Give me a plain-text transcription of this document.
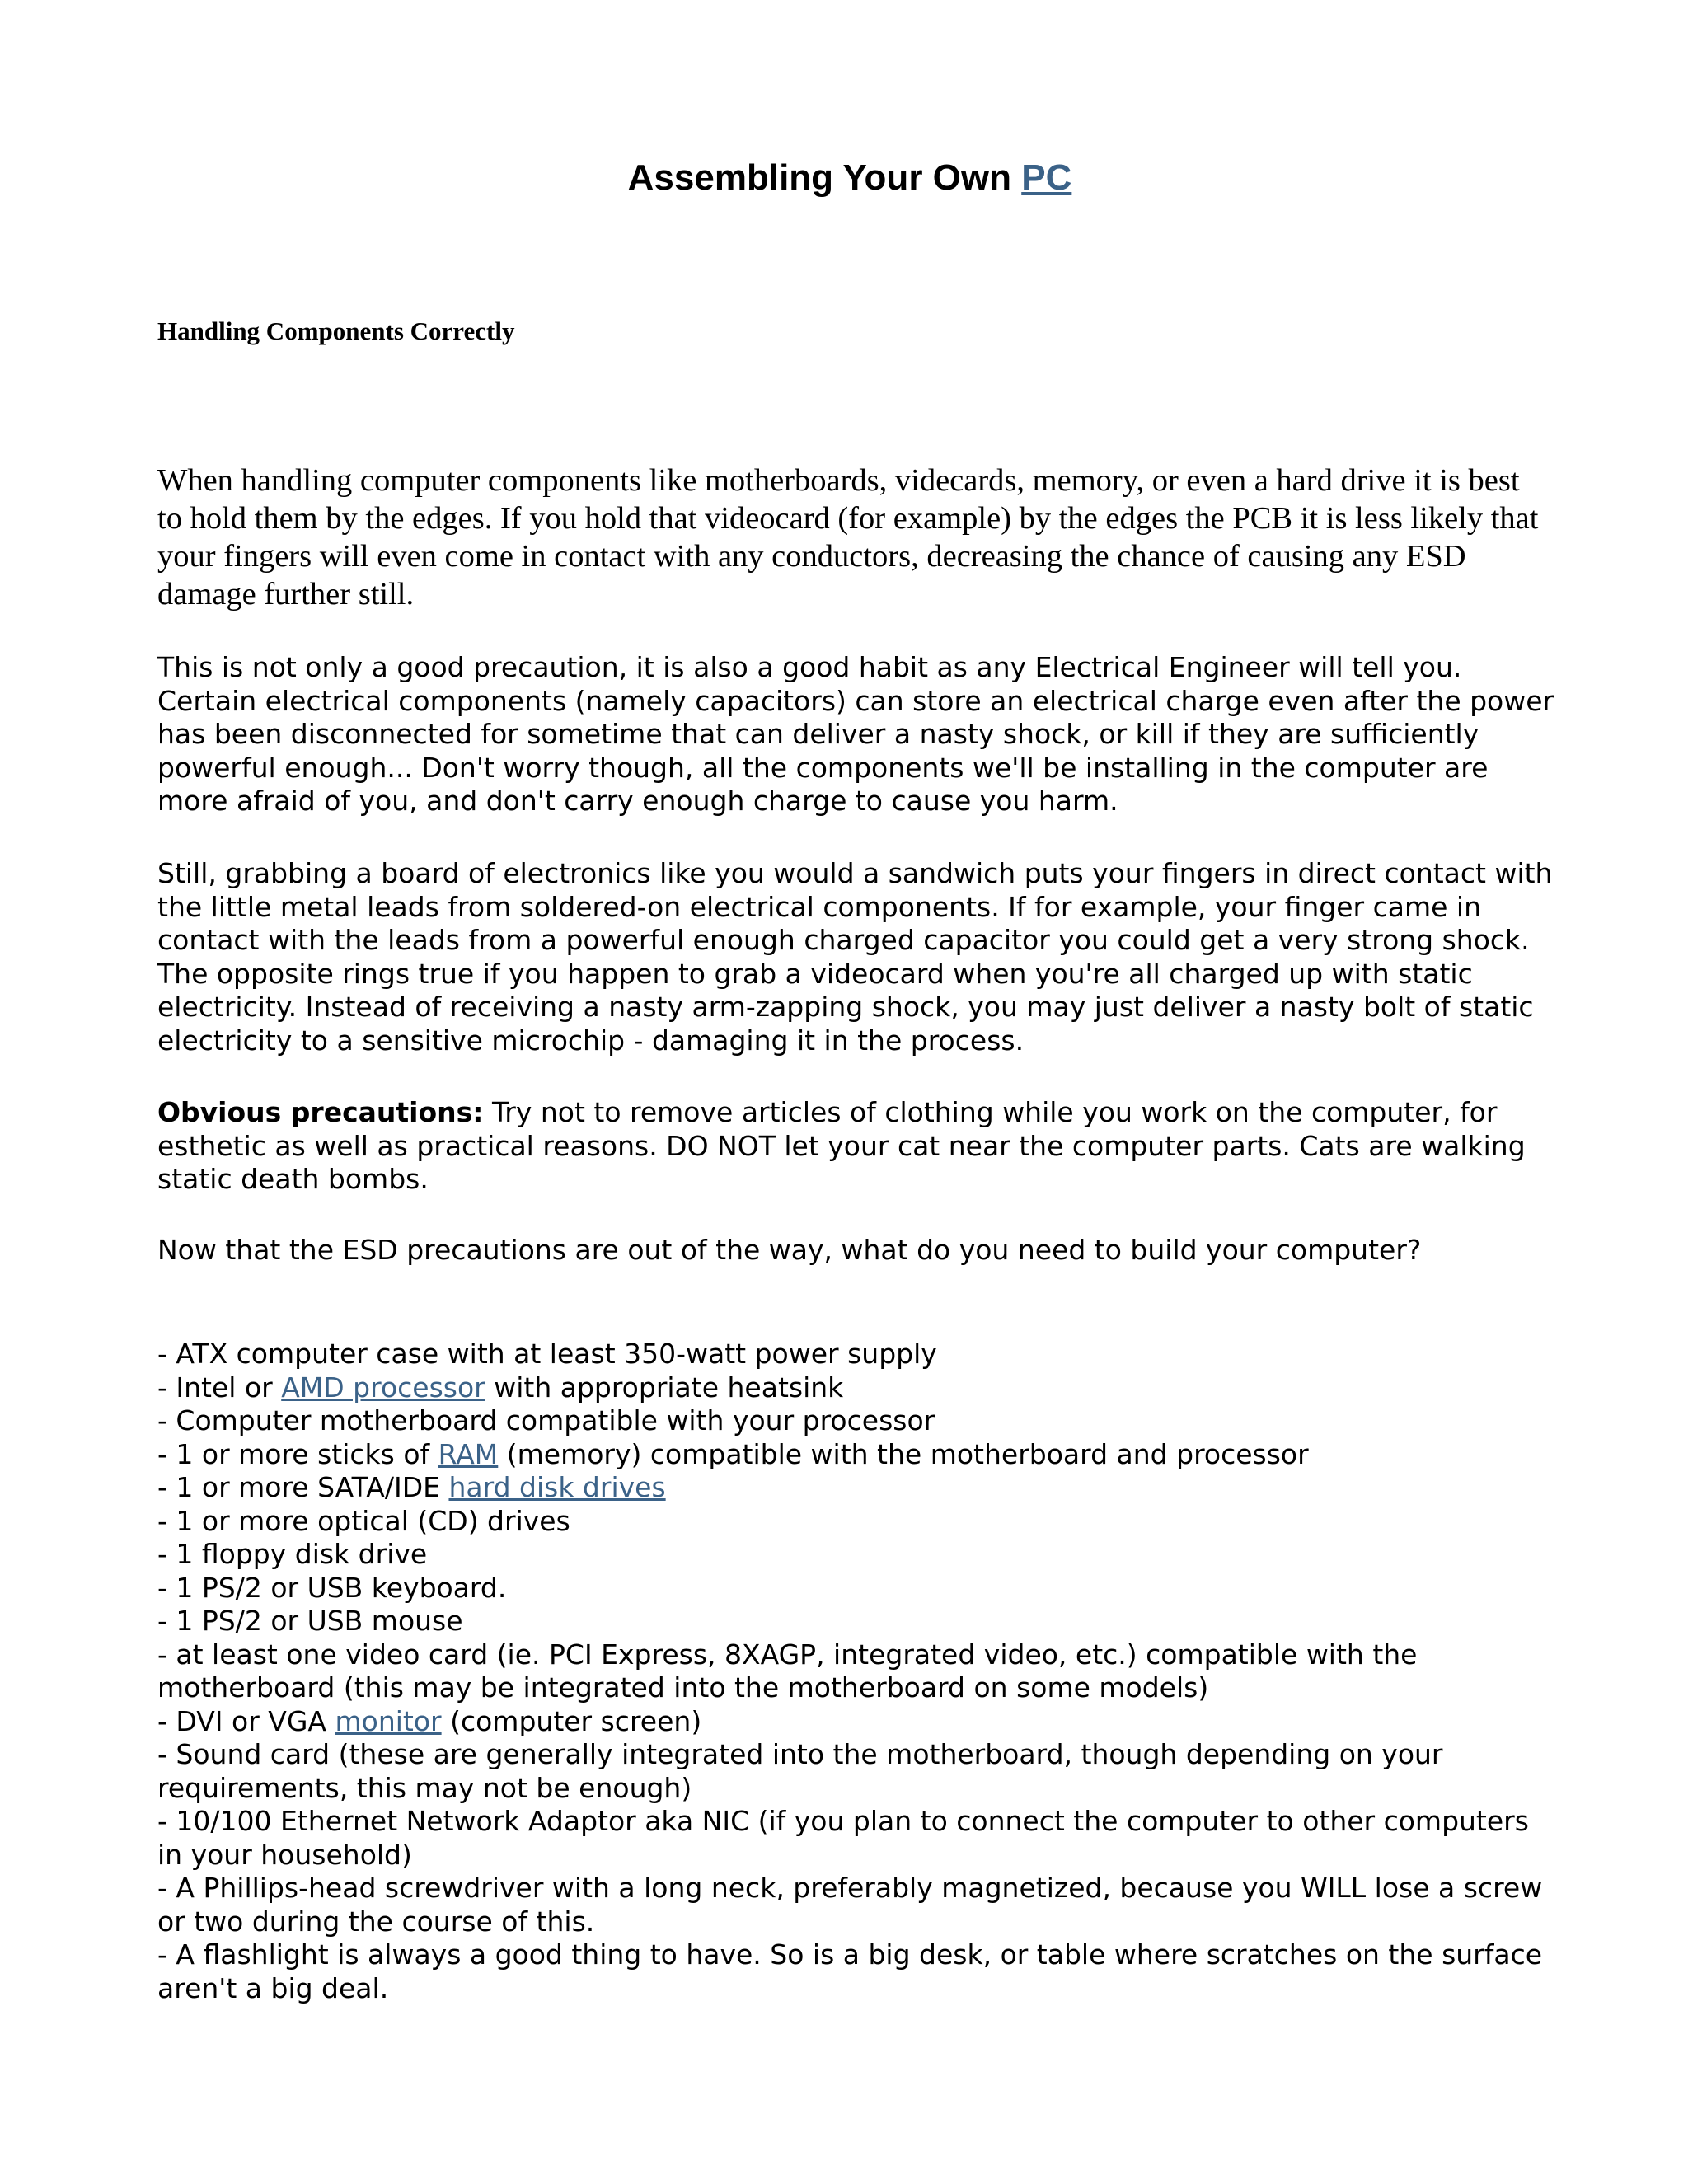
Assembling Your Own PC
Handling Components Correctly

When handling computer components like motherboards, videcards, memory, or even a hard drive it is best to hold them by the edges. If you hold that videocard (for example) by the edges the PCB it is less likely that your fingers will even come in contact with any conductors, decreasing the chance of causing any ESD damage further still.

This is not only a good precaution, it is also a good habit as any Electrical Engineer will tell you. Certain electrical components (namely capacitors) can store an electrical charge even after the power has been disconnected for sometime that can deliver a nasty shock, or kill if they are sufficiently powerful enough... Don't worry though, all the components we'll be installing in the computer are more afraid of you, and don't carry enough charge to cause you harm.

Still, grabbing a board of electronics like you would a sandwich puts your fingers in direct contact with the little metal leads from soldered-on electrical components. If for example, your finger came in contact with the leads from a powerful enough charged capacitor you could get a very strong shock. The opposite rings true if you happen to grab a videocard when you're all charged up with static electricity. Instead of receiving a nasty arm-zapping shock, you may just deliver a nasty bolt of static electricity to a sensitive microchip - damaging it in the process.

Obvious precautions: Try not to remove articles of clothing while you work on the computer, for esthetic as well as practical reasons. DO NOT let your cat near the computer parts. Cats are walking static death bombs.

Now that the ESD precautions are out of the way, what do you need to build your computer?

- ATX computer case with at least 350-watt power supply
- Intel or AMD processor with appropriate heatsink
- Computer motherboard compatible with your processor
- 1 or more sticks of RAM (memory) compatible with the motherboard and processor
- 1 or more SATA/IDE hard disk drives
- 1 or more optical (CD) drives
- 1 floppy disk drive
- 1 PS/2 or USB keyboard.
- 1 PS/2 or USB mouse
- at least one video card (ie. PCI Express, 8XAGP, integrated video, etc.) compatible with the motherboard (this may be integrated into the motherboard on some models)
- DVI or VGA monitor (computer screen)
- Sound card (these are generally integrated into the motherboard, though depending on your requirements, this may not be enough)
- 10/100 Ethernet Network Adaptor aka NIC (if you plan to connect the computer to other computers in your household)
- A Phillips-head screwdriver with a long neck, preferably magnetized, because you WILL lose a screw or two during the course of this.
- A flashlight is always a good thing to have. So is a big desk, or table where scratches on the surface aren't a big deal.
